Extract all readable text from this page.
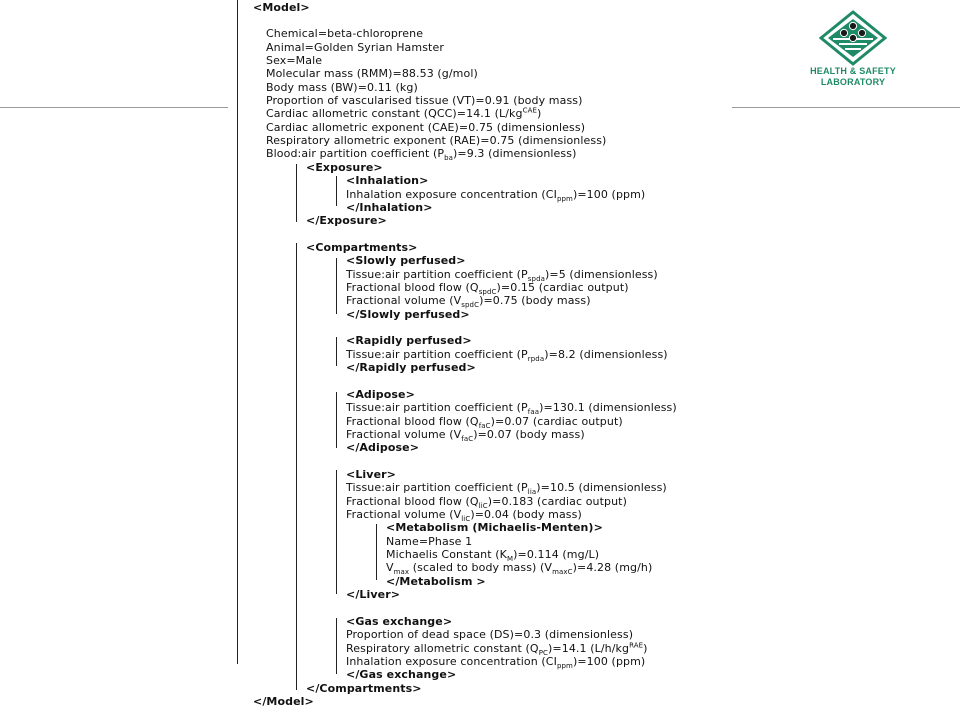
<Model>
Chemical=beta-chloroprene
Animal=Golden Syrian Hamster
Sex=Male
Molecular mass (RMM)=88.53 (g/mol)
Body mass (BW)=0.11 (kg)
Proportion of vascularised tissue (VT)=0.91 (body mass)
Cardiac allometric constant (QCC)=14.1 $(L/kg^{CAE})$
Cardiac allometric exponent (CAE)=0.75 (dimensionless)
Respiratory allometric exponent (RAE)=0.75 (dimensionless)
Blood:air partition coefficient $(P_{ba})=9.3$ (dimensionless)
<Exposure>
<Inhalation>
Inhalation exposure concentration $(CI_{ppm})=100$ (ppm)
</Inhalation>
</Exposure>
<Compartments>
<Slowly perfused>
Tissue:air partition coefficient $(P_{spda})=5$ (dimensionless)
Fractional blood flow $(Q_{spdC})=0.15$ (cardiac output)
Fractional volume $(V_{spdC})=0.75$ (body mass)
</Slowly perfused>
<Rapidly perfused>
Tissue:air partition coefficient $(P_{rpda})=8.2$ (dimensionless)
</Rapidly perfused>
<Adipose>
Tissue:air partition coefficient $(P_{faa})=130.1$ (dimensionless)
Fractional blood flow $(Q_{faC})=0.07$ (cardiac output)
Fractional volume $(V_{faC})=0.07$ (body mass)
</Adipose>
<Liver>
Tissue:air partition coefficient $(P_{lia})=10.5$ (dimensionless)
Fractional blood flow $(Q_{liC})=0.183$ (cardiac output)
Fractional volume $(V_{liC})=0.04$ (body mass)
<Metabolism (Michaelis-Menten)>
Name=Phase 1
Michaelis Constant $(K_M)=0.114$ (mg/L)
$V_{max}$ (scaled to body mass) $(V_{maxC})=4.28$ (mg/h)
</Metabolism >
</Liver>
<Gas exchange>
Proportion of dead space (DS)=0.3 (dimensionless)
Respiratory allometric constant $(Q_{PC})=14.1$ $(L/h/kg^{RAE})$
Inhalation exposure concentration $(CI_{ppm})=100$ (ppm)
</Gas exchange>
</Compartments>
</Model>
HEALTH & SAFETY
LABORATORY
